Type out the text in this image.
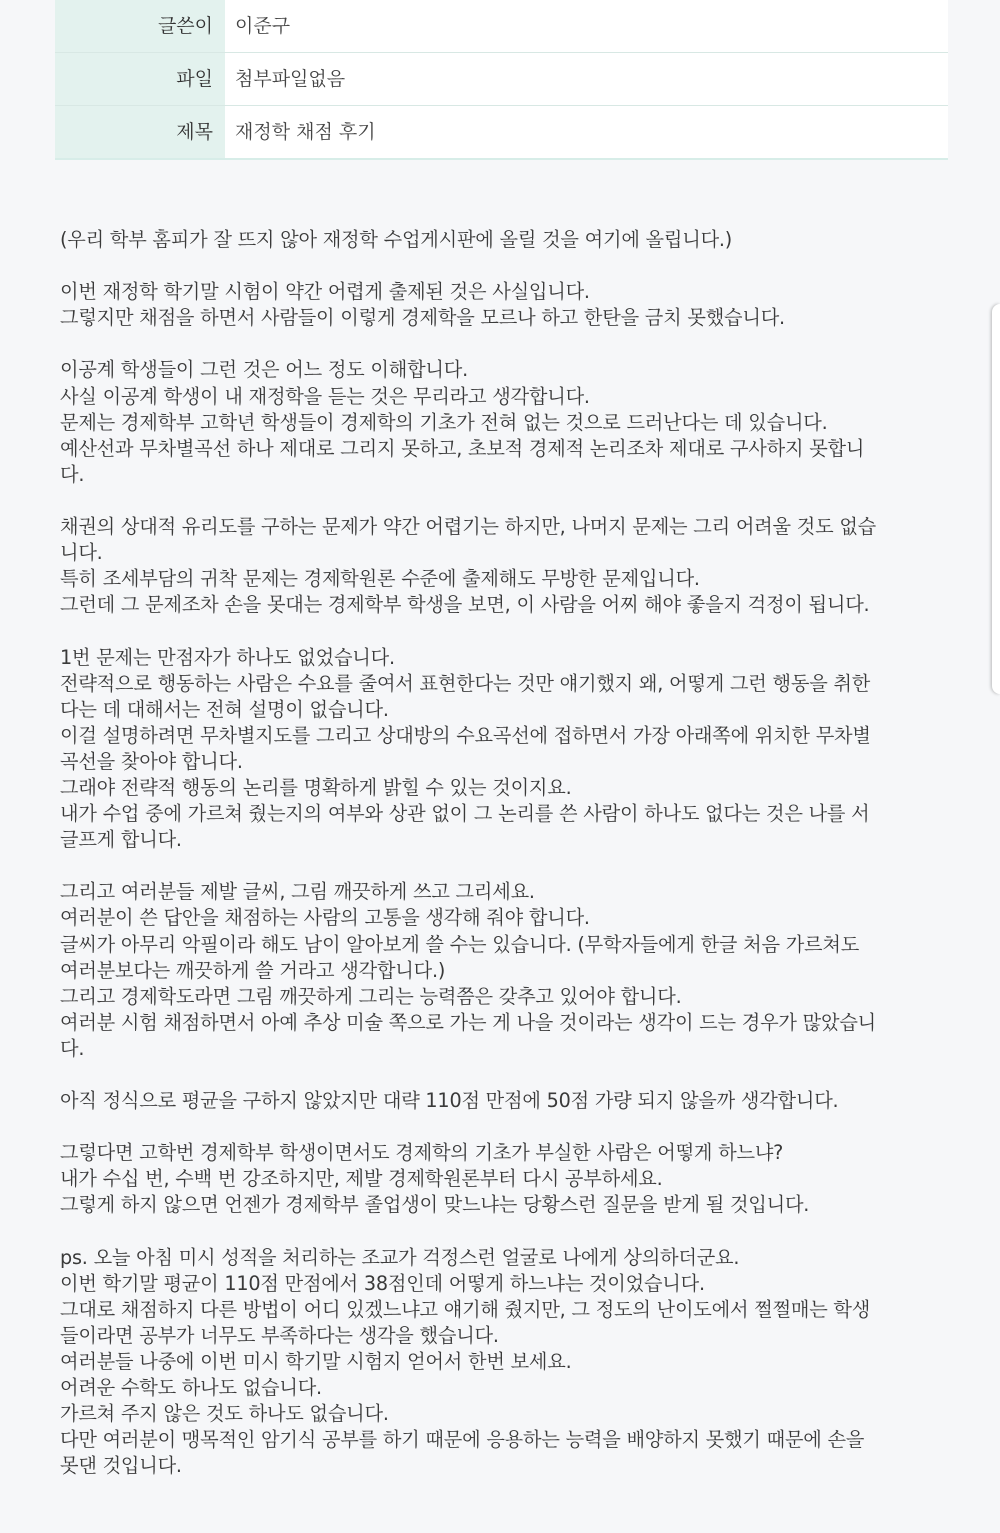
글쓴이	이준구
파일	첨부파일없음
제목	재정학 채점 후기
(우리 학부 홈피가 잘 뜨지 않아 재정학 수업게시판에 올릴 것을 여기에 올립니다.)

이번 재정학 학기말 시험이 약간 어렵게 출제된 것은 사실입니다.
그렇지만 채점을 하면서 사람들이 이렇게 경제학을 모르나 하고 한탄을 금치 못했습니다.

이공계 학생들이 그런 것은 어느 정도 이해합니다.
사실 이공계 학생이 내 재정학을 듣는 것은 무리라고 생각합니다.
문제는 경제학부 고학년 학생들이 경제학의 기초가 전혀 없는 것으로 드러난다는 데 있습니다.
예산선과 무차별곡선 하나 제대로 그리지 못하고, 초보적 경제적 논리조차 제대로 구사하지 못합니
다.

채권의 상대적 유리도를 구하는 문제가 약간 어렵기는 하지만, 나머지 문제는 그리 어려울 것도 없습
니다.
특히 조세부담의 귀착 문제는 경제학원론 수준에 출제해도 무방한 문제입니다.
그런데 그 문제조차 손을 못대는 경제학부 학생을 보면, 이 사람을 어찌 해야 좋을지 걱정이 됩니다.

1번 문제는 만점자가 하나도 없었습니다.
전략적으로 행동하는 사람은 수요를 줄여서 표현한다는 것만 얘기했지 왜, 어떻게 그런 행동을 취한
다는 데 대해서는 전혀 설명이 없습니다.
이걸 설명하려면 무차별지도를 그리고 상대방의 수요곡선에 접하면서 가장 아래쪽에 위치한 무차별
곡선을 찾아야 합니다.
그래야 전략적 행동의 논리를 명확하게 밝힐 수 있는 것이지요.
내가 수업 중에 가르쳐 줬는지의 여부와 상관 없이 그 논리를 쓴 사람이 하나도 없다는 것은 나를 서
글프게 합니다.

그리고 여러분들 제발 글씨, 그림 깨끗하게 쓰고 그리세요.
여러분이 쓴 답안을 채점하는 사람의 고통을 생각해 줘야 합니다.
글씨가 아무리 악필이라 해도 남이 알아보게 쓸 수는 있습니다. (무학자들에게 한글 처음 가르쳐도
여러분보다는 깨끗하게 쓸 거라고 생각합니다.)
그리고 경제학도라면 그림 깨끗하게 그리는 능력쯤은 갖추고 있어야 합니다.
여러분 시험 채점하면서 아예 추상 미술 쪽으로 가는 게 나을 것이라는 생각이 드는 경우가 많았습니
다.

아직 정식으로 평균을 구하지 않았지만 대략 110점 만점에 50점 가량 되지 않을까 생각합니다.

그렇다면 고학번 경제학부 학생이면서도 경제학의 기초가 부실한 사람은 어떻게 하느냐?
내가 수십 번, 수백 번 강조하지만, 제발 경제학원론부터 다시 공부하세요.
그렇게 하지 않으면 언젠가 경제학부 졸업생이 맞느냐는 당황스런 질문을 받게 될 것입니다.

ps. 오늘 아침 미시 성적을 처리하는 조교가 걱정스런 얼굴로 나에게 상의하더군요.
이번 학기말 평균이 110점 만점에서 38점인데 어떻게 하느냐는 것이었습니다.
그대로 채점하지 다른 방법이 어디 있겠느냐고 얘기해 줬지만, 그 정도의 난이도에서 쩔쩔매는 학생
들이라면 공부가 너무도 부족하다는 생각을 했습니다.
여러분들 나중에 이번 미시 학기말 시험지 얻어서 한번 보세요.
어려운 수학도 하나도 없습니다.
가르쳐 주지 않은 것도 하나도 없습니다.
다만 여러분이 맹목적인 암기식 공부를 하기 때문에 응용하는 능력을 배양하지 못했기 때문에 손을
못댄 것입니다.
